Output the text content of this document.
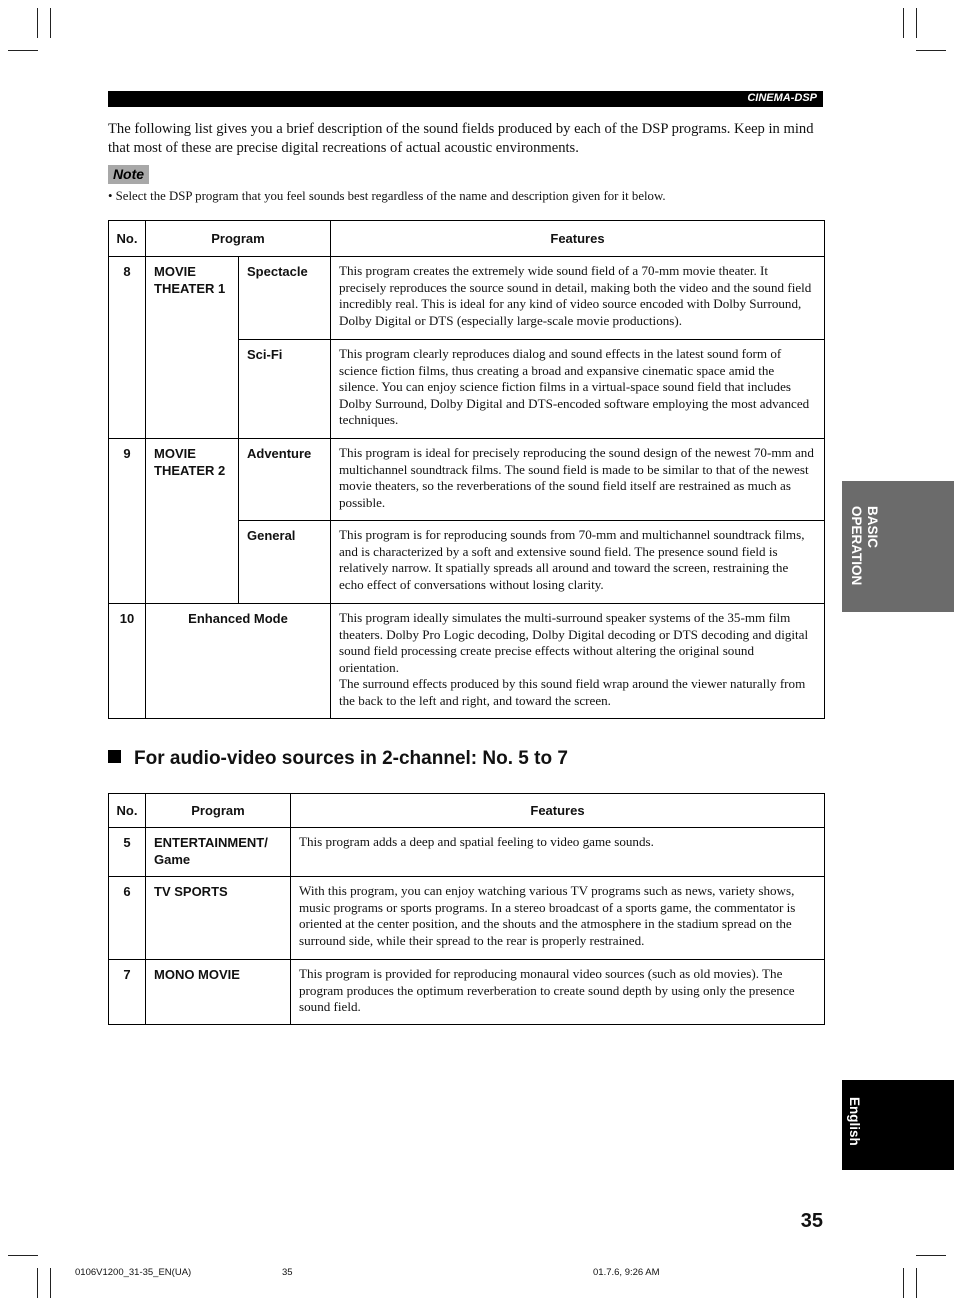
CINEMA-DSP

The following list gives you a brief description of the sound fields produced by each of the DSP programs. Keep in mind that most of these are precise digital recreations of actual acoustic environments.

Note

• Select the DSP program that you feel sounds best regardless of the name and description given for it below.

No.	Program		Features
8	MOVIE THEATER 1	Spectacle	This program creates the extremely wide sound field of a 70-mm movie theater. It precisely reproduces the source sound in detail, making both the video and the sound field incredibly real. This is ideal for any kind of video source encoded with Dolby Surround, Dolby Digital or DTS (especially large-scale movie productions).
		Sci-Fi	This program clearly reproduces dialog and sound effects in the latest sound form of science fiction films, thus creating a broad and expansive cinematic space amid the silence. You can enjoy science fiction films in a virtual-space sound field that includes Dolby Surround, Dolby Digital and DTS-encoded software employing the most advanced techniques.
9	MOVIE THEATER 2	Adventure	This program is ideal for precisely reproducing the sound design of the newest 70-mm and multichannel soundtrack films. The sound field is made to be similar to that of the newest movie theaters, so the reverberations of the sound field itself are restrained as much as possible.
		General	This program is for reproducing sounds from 70-mm and multichannel soundtrack films, and is characterized by a soft and extensive sound field. The presence sound field is relatively narrow. It spatially spreads all around and toward the screen, restraining the echo effect of conversations without losing clarity.
10	Enhanced Mode		This program ideally simulates the multi-surround speaker systems of the 35-mm film theaters. Dolby Pro Logic decoding, Dolby Digital decoding or DTS decoding and digital sound field processing create precise effects without altering the original sound orientation.

The surround effects produced by this sound field wrap around the viewer naturally from the back to the left and right, and toward the screen.

For audio-video sources in 2-channel: No. 5 to 7
No.	Program	Features
5	ENTERTAINMENT/ Game	This program adds a deep and spatial feeling to video game sounds.
6	TV SPORTS	With this program, you can enjoy watching various TV programs such as news, variety shows, music programs or sports programs. In a stereo broadcast of a sports game, the commentator is oriented at the center position, and the shouts and the atmosphere in the stadium spread on the surround side, while their spread to the rear is properly restrained.
7	MONO MOVIE	This program is provided for reproducing monaural video sources (such as old movies). The program produces the optimum reverberation to create sound depth by using only the presence sound field.
BASIC OPERATION
English
35
0106V1200_31-35_EN(UA)	35	01.7.6, 9:26 AM
